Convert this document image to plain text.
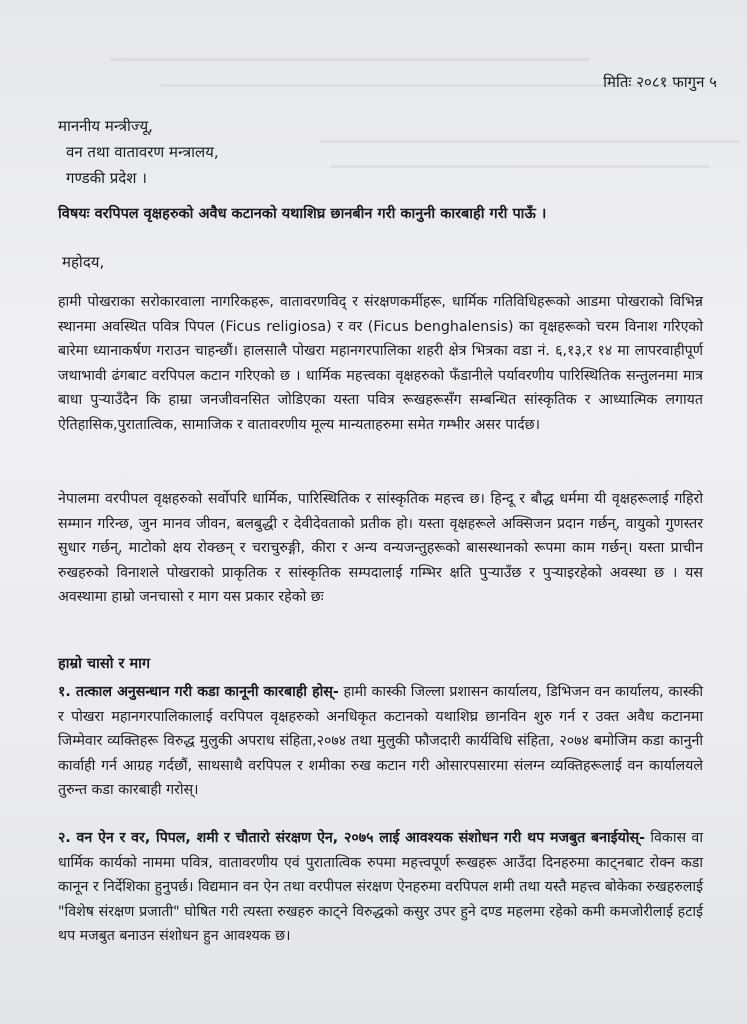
मितिः २०८१ फागुन ५
माननीय मन्त्रीज्यू,
वन तथा वातावरण मन्त्रालय,
गण्डकी प्रदेश ।
विषयः वरपिपल वृक्षहरुको अवैध कटानको यथाशिघ्र छानबीन गरी कानुनी कारबाही गरी पाऊँ ।
महोदय,
हामी पोखराका सरोकारवाला नागरिकहरू, वातावरणविद् र संरक्षणकर्मीहरू, धार्मिक गतिविधिहरूको आडमा पोखराको विभिन्न स्थानमा अवस्थित पवित्र पिपल (Ficus religiosa) र वर (Ficus benghalensis) का वृक्षहरूको चरम विनाश गरिएको बारेमा ध्यानाकर्षण गराउन चाहन्छौं। हालसालै पोखरा महानगरपालिका शहरी क्षेत्र भित्रका वडा नं. ६,१३,र १४ मा लापरवाहीपूर्ण जथाभावी ढंगबाट वरपिपल कटान गरिएको छ । धार्मिक महत्त्वका वृक्षहरुको फँडानीले पर्यावरणीय पारिस्थितिक सन्तुलनमा मात्र बाधा पुऱ्याउँदैन कि हाम्रा जनजीवनसित जोडिएका यस्ता पवित्र रूखहरूसँग सम्बन्धित सांस्कृतिक र आध्यात्मिक लगायत ऐतिहासिक,पुरातात्विक, सामाजिक र वातावरणीय मूल्य मान्यताहरुमा समेत गम्भीर असर पार्दछ।
नेपालमा वरपीपल वृक्षहरुको सर्वोपरि धार्मिक, पारिस्थितिक र सांस्कृतिक महत्त्व छ। हिन्दू र बौद्ध धर्ममा यी वृक्षहरूलाई गहिरो सम्मान गरिन्छ, जुन मानव जीवन, बलबुद्धी र देवीदेवताको प्रतीक हो। यस्ता वृक्षहरूले अक्सिजन प्रदान गर्छन्, वायुको गुणस्तर सुधार गर्छन्, माटोको क्षय रोक्छन् र चराचुरुङ्गी, कीरा र अन्य वन्यजन्तुहरूको बासस्थानको रूपमा काम गर्छन्। यस्ता प्राचीन रुखहरुको विनाशले पोखराको प्राकृतिक र सांस्कृतिक सम्पदालाई गम्भिर क्षति पुऱ्याउँछ र पुऱ्याइरहेको अवस्था छ । यस अवस्थामा हाम्रो जनचासो र माग यस प्रकार रहेको छः
हाम्रो चासो र माग
१. तत्काल अनुसन्धान गरी कडा कानूनी कारबाही होस्- हामी कास्की जिल्ला प्रशासन कार्यालय, डिभिजन वन कार्यालय, कास्की र पोखरा महानगरपालिकालाई वरपिपल वृक्षहरुको अनधिकृत कटानको यथाशिघ्र छानविन शुरु गर्न र उक्त अवैध कटानमा जिम्मेवार व्यक्तिहरू विरुद्ध मुलुकी अपराध संहिता,२०७४ तथा मुलुकी फौजदारी कार्यविधि संहिता, २०७४ बमोजिम कडा कानुनी कार्वाही गर्न आग्रह गर्दछौं, साथसाथै वरपिपल र शमीका रुख कटान गरी ओसारपसारमा संलग्न व्यक्तिहरूलाई वन कार्यालयले तुरुन्त कडा कारबाही गरोस्।
२. वन ऐन र वर, पिपल, शमी र चौतारो संरक्षण ऐन, २०७५ लाई आवश्यक संशोधन गरी थप मजबुत बनाईयोस्- विकास वा धार्मिक कार्यको नाममा पवित्र, वातावरणीय एवं पुरातात्विक रुपमा महत्त्वपूर्ण रूखहरू आउँदा दिनहरुमा काट्नबाट रोक्न कडा कानून र निर्देशिका हुनुपर्छ। विद्यमान वन ऐन तथा वरपीपल संरक्षण ऐनहरुमा वरपिपल शमी तथा यस्तै महत्त्व बोकेका रुखहरुलाई "विशेष संरक्षण प्रजाती" घोषित गरी त्यस्ता रुखहरु काट्ने विरुद्धको कसुर उपर हुने दण्ड महलमा रहेको कमी कमजोरीलाई हटाई थप मजबुत बनाउन संशोधन हुन आवश्यक छ।
